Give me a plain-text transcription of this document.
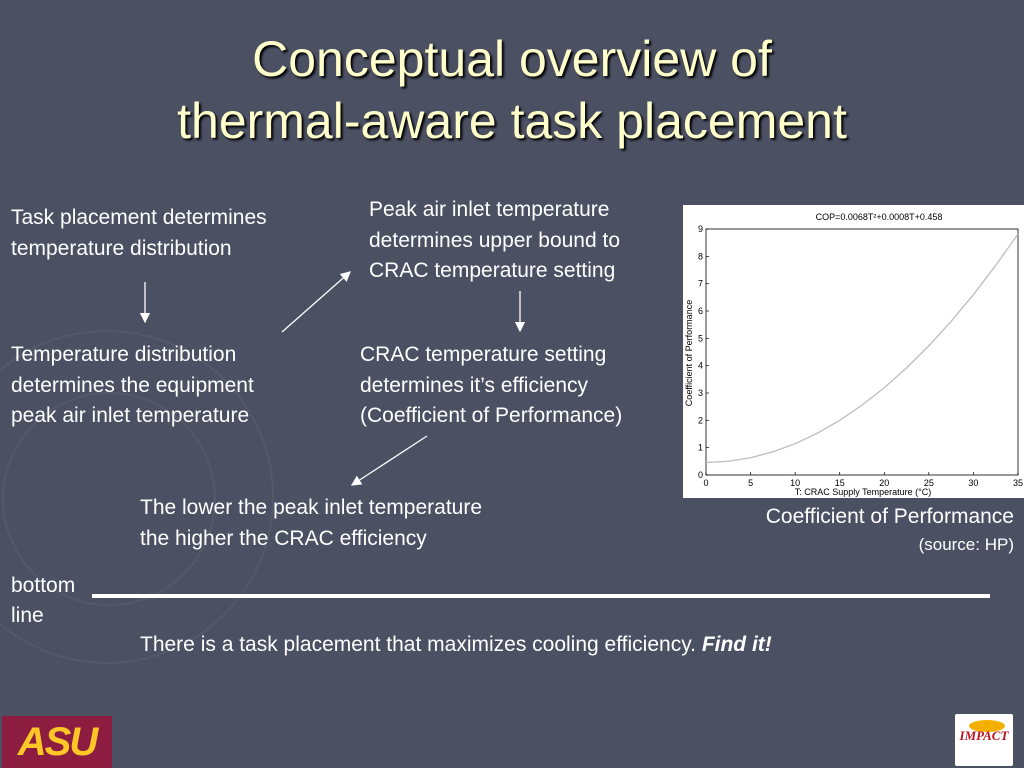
Conceptual overview of
thermal-aware task placement
Task placement determines
temperature distribution
Peak air inlet temperature
determines upper bound to
CRAC temperature setting
Temperature distribution
determines the equipment
peak air inlet temperature
CRAC temperature setting
determines it’s efficiency
(Coefficient of Performance)
The lower the peak inlet temperature
the higher the CRAC efficiency
COP=0.0068T²+0.0008T+0.458
0	5	10	15	20	25	30	35
0
1
2
3
4
5
6
7
8
9
T: CRAC Supply Temperature (°C)
Coefficient of Performance
Coefficient of Performance
(source: HP)
bottom
line
There is a task placement that maximizes cooling efficiency. Find it!
ASU	IMPACT
